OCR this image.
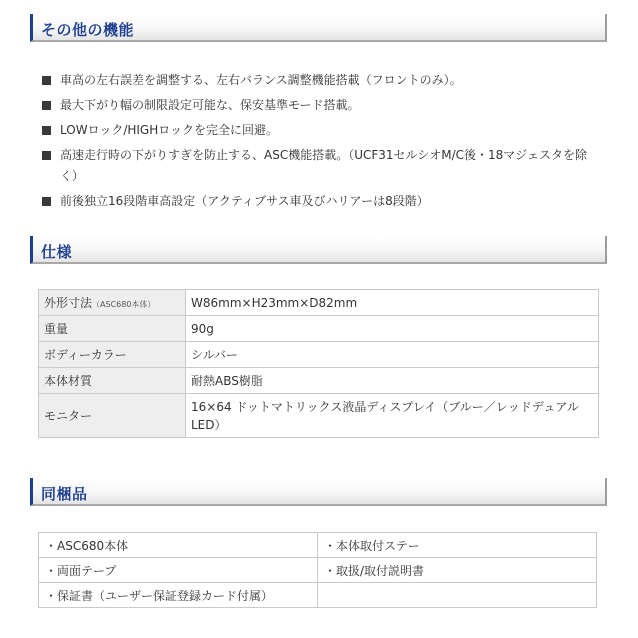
その他の機能
車高の左右誤差を調整する、左右バランス調整機能搭載（フロントのみ）。
最大下がり幅の制限設定可能な、保安基準モード搭載。
LOWロック/HIGHロックを完全に回避。
高速走行時の下がりすぎを防止する、ASC機能搭載。（UCF31セルシオM/C後・18マジェスタを除く）
前後独立16段階車高設定（アクティブサス車及びハリアーは8段階）
仕様
外形寸法（ASC680本体）	W86mm×H23mm×D82mm
重量	90g
ボディーカラー	シルバー
本体材質	耐熱ABS樹脂
モニター	16×64 ドットマトリックス液晶ディスプレイ（ブルー／レッドデュアルLED）
同梱品
・ASC680本体	・本体取付ステー
・両面テープ	・取扱/取付説明書
・保証書（ユーザー保証登録カード付属）	
